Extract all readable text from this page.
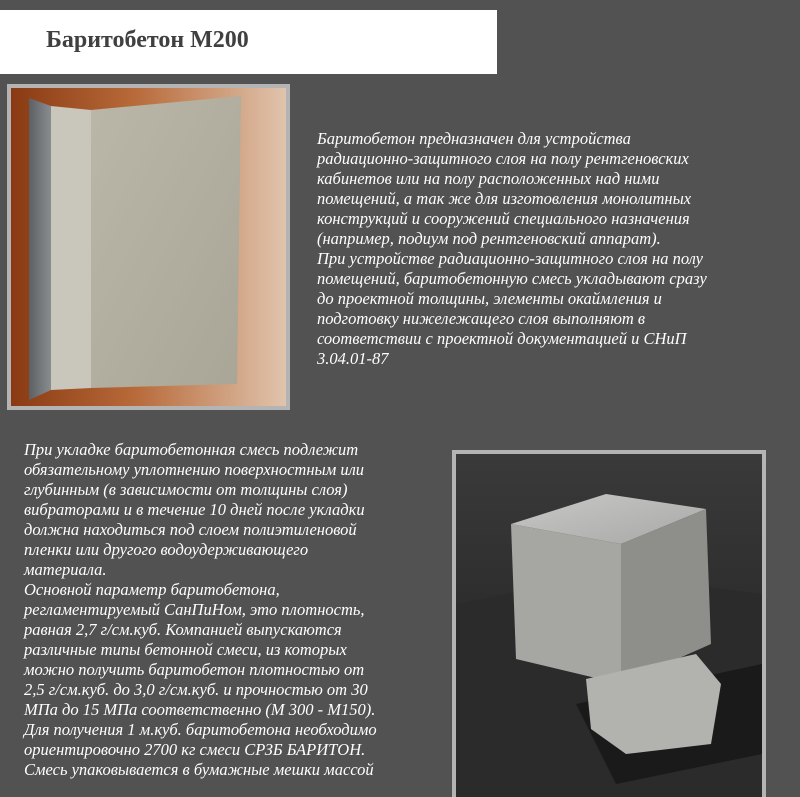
Баритобетон М200
Баритобетон предназначен для устройства
радиационно-защитного слоя на полу рентгеновских
кабинетов или на полу расположенных над ними
помещений, а так же для изготовления монолитных
конструкций и сооружений специального назначения
(например, подиум под рентгеновский аппарат).
При устройстве радиационно-защитного слоя на полу
помещений, баритобетонную смесь укладывают сразу
до проектной толщины, элементы окаймления и
подготовку нижележащего слоя выполняют в
соответствии с проектной документацией и СНиП
3.04.01-87
При укладке баритобетонная смесь подлежит
обязательному уплотнению поверхностным или
глубинным (в зависимости от толщины слоя)
вибраторами и в течение 10 дней после укладки
должна находиться под слоем полиэтиленовой
пленки или другого водоудерживающего
материала.
Основной параметр баритобетона,
регламентируемый СанПиНом, это плотность,
равная 2,7 г/см.куб. Компанией выпускаются
различные типы бетонной смеси, из которых
можно получить баритобетон плотностью от
2,5 г/см.куб. до 3,0 г/см.куб. и прочностью от 30
МПа до 15 МПа соответственно (М 300 - М150).
Для получения 1 м.куб. баритобетона необходимо
ориентировочно 2700 кг смеси СРЗБ БАРИТОН.
Смесь упаковывается в бумажные мешки массой
